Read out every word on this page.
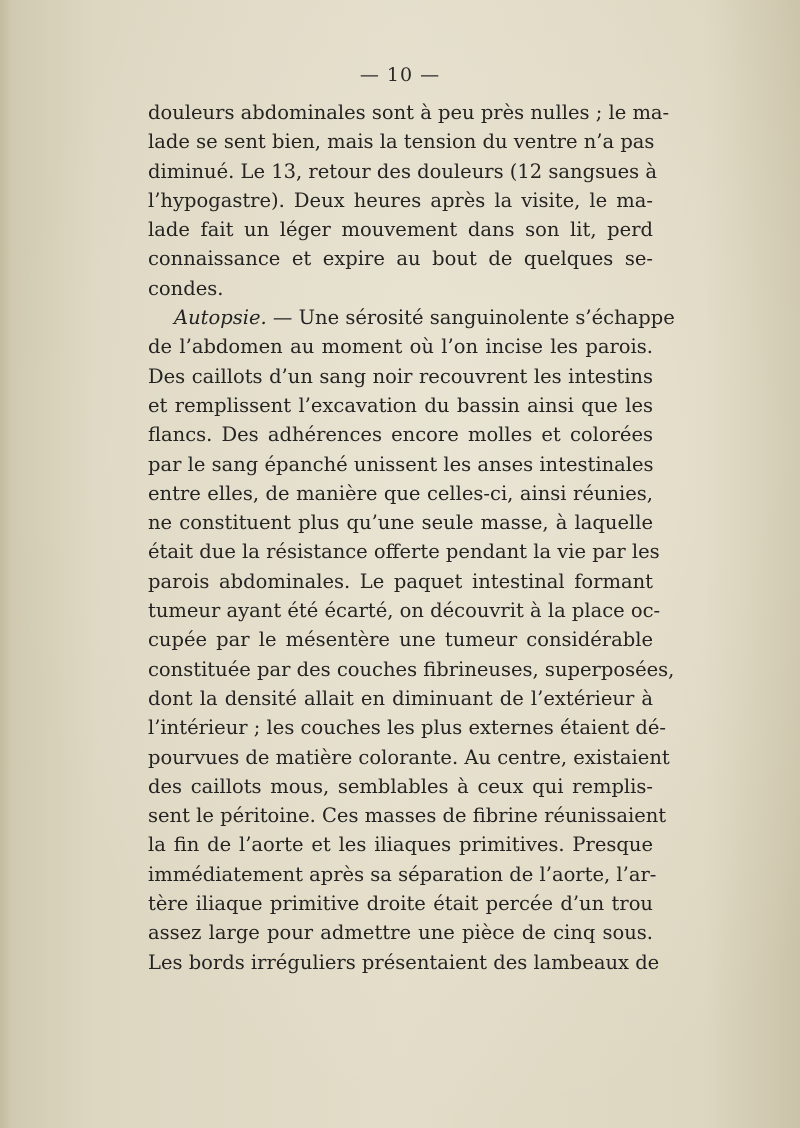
— 10 —
douleurs abdominales sont à peu près nulles ; le ma-
lade se sent bien, mais la tension du ventre n’a pas
diminué. Le 13, retour des douleurs (12 sangsues à
l’hypogastre). Deux heures après la visite, le ma-
lade fait un léger mouvement dans son lit, perd
connaissance et expire au bout de quelques se-
condes.
Autopsie. — Une sérosité sanguinolente s’échappe
de l’abdomen au moment où l’on incise les parois.
Des caillots d’un sang noir recouvrent les intestins
et remplissent l’excavation du bassin ainsi que les
flancs. Des adhérences encore molles et colorées
par le sang épanché unissent les anses intestinales
entre elles, de manière que celles-ci, ainsi réunies,
ne constituent plus qu’une seule masse, à laquelle
était due la résistance offerte pendant la vie par les
parois abdominales. Le paquet intestinal formant
tumeur ayant été écarté, on découvrit à la place oc-
cupée par le mésentère une tumeur considérable
constituée par des couches fibrineuses, superposées,
dont la densité allait en diminuant de l’extérieur à
l’intérieur ; les couches les plus externes étaient dé-
pourvues de matière colorante. Au centre, existaient
des caillots mous, semblables à ceux qui remplis-
sent le péritoine. Ces masses de fibrine réunissaient
la fin de l’aorte et les iliaques primitives. Presque
immédiatement après sa séparation de l’aorte, l’ar-
tère iliaque primitive droite était percée d’un trou
assez large pour admettre une pièce de cinq sous.
Les bords irréguliers présentaient des lambeaux de
